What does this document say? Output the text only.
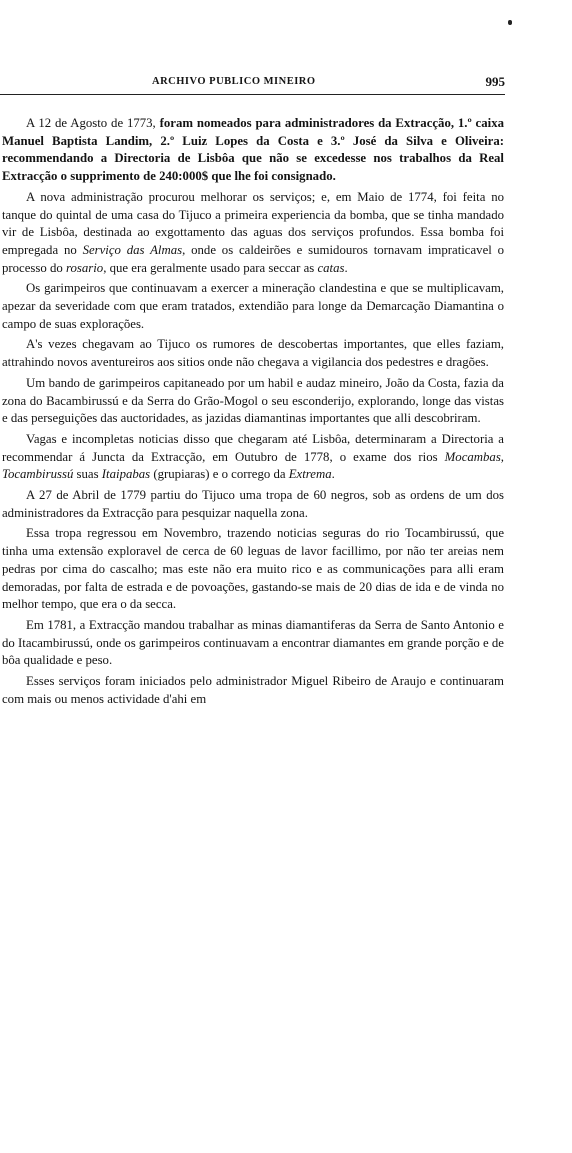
ARCHIVO PUBLICO MINEIRO	995

A 12 de Agosto de 1773, foram nomeados para administradores da Extracção, 1.º caixa Manuel Baptista Landim, 2.º Luiz Lopes da Costa e 3.º José da Silva e Oliveira: recommendando a Directoria de Lisbôa que não se excedesse nos trabalhos da Real Extracção o supprimento de 240:000$ que lhe foi consignado.

A nova administração procurou melhorar os serviços; e, em Maio de 1774, foi feita no tanque do quintal de uma casa do Tijuco a primeira experiencia da bomba, que se tinha mandado vir de Lisbôa, destinada ao exgottamento das aguas dos serviços profundos. Essa bomba foi empregada no Serviço das Almas, onde os caldeirões e sumidouros tornavam impraticavel o processo do rosario, que era geralmente usado para seccar as catas.

Os garimpeiros que continuavam a exercer a mineração clandestina e que se multiplicavam, apezar da severidade com que eram tratados, extendião para longe da Demarcação Diamantina o campo de suas explorações.

A's vezes chegavam ao Tijuco os rumores de descobertas importantes, que elles faziam, attrahindo novos aventureiros aos sitios onde não chegava a vigilancia dos pedestres e dragões.

Um bando de garimpeiros capitaneado por um habil e audaz mineiro, João da Costa, fazia da zona do Bacambirussú e da Serra do Grão-Mogol o seu esconderijo, explorando, longe das vistas e das perseguições das auctoridades, as jazidas diamantinas importantes que alli descobriram.

Vagas e incompletas noticias disso que chegaram até Lisbôa, determinaram a Directoria a recommendar á Juncta da Extracção, em Outubro de 1778, o exame dos rios Mocambas, Tocambirussú suas Itaipabas (grupiaras) e o corrego da Extrema.

A 27 de Abril de 1779 partiu do Tijuco uma tropa de 60 negros, sob as ordens de um dos administradores da Extracção para pesquizar naquella zona.

Essa tropa regressou em Novembro, trazendo noticias seguras do rio Tocambirussú, que tinha uma extensão exploravel de cerca de 60 leguas de lavor facillimo, por não ter areias nem pedras por cima do cascalho; mas este não era muito rico e as communicações para alli eram demoradas, por falta de estrada e de povoações, gastando-se mais de 20 dias de ida e de vinda no melhor tempo, que era o da secca.

Em 1781, a Extracção mandou trabalhar as minas diamantiferas da Serra de Santo Antonio e do Itacambirussú, onde os garimpeiros continuavam a encontrar diamantes em grande porção e de bôa qualidade e peso.

Esses serviços foram iniciados pelo administrador Miguel Ribeiro de Araujo e continuaram com mais ou menos actividade d'ahi em
